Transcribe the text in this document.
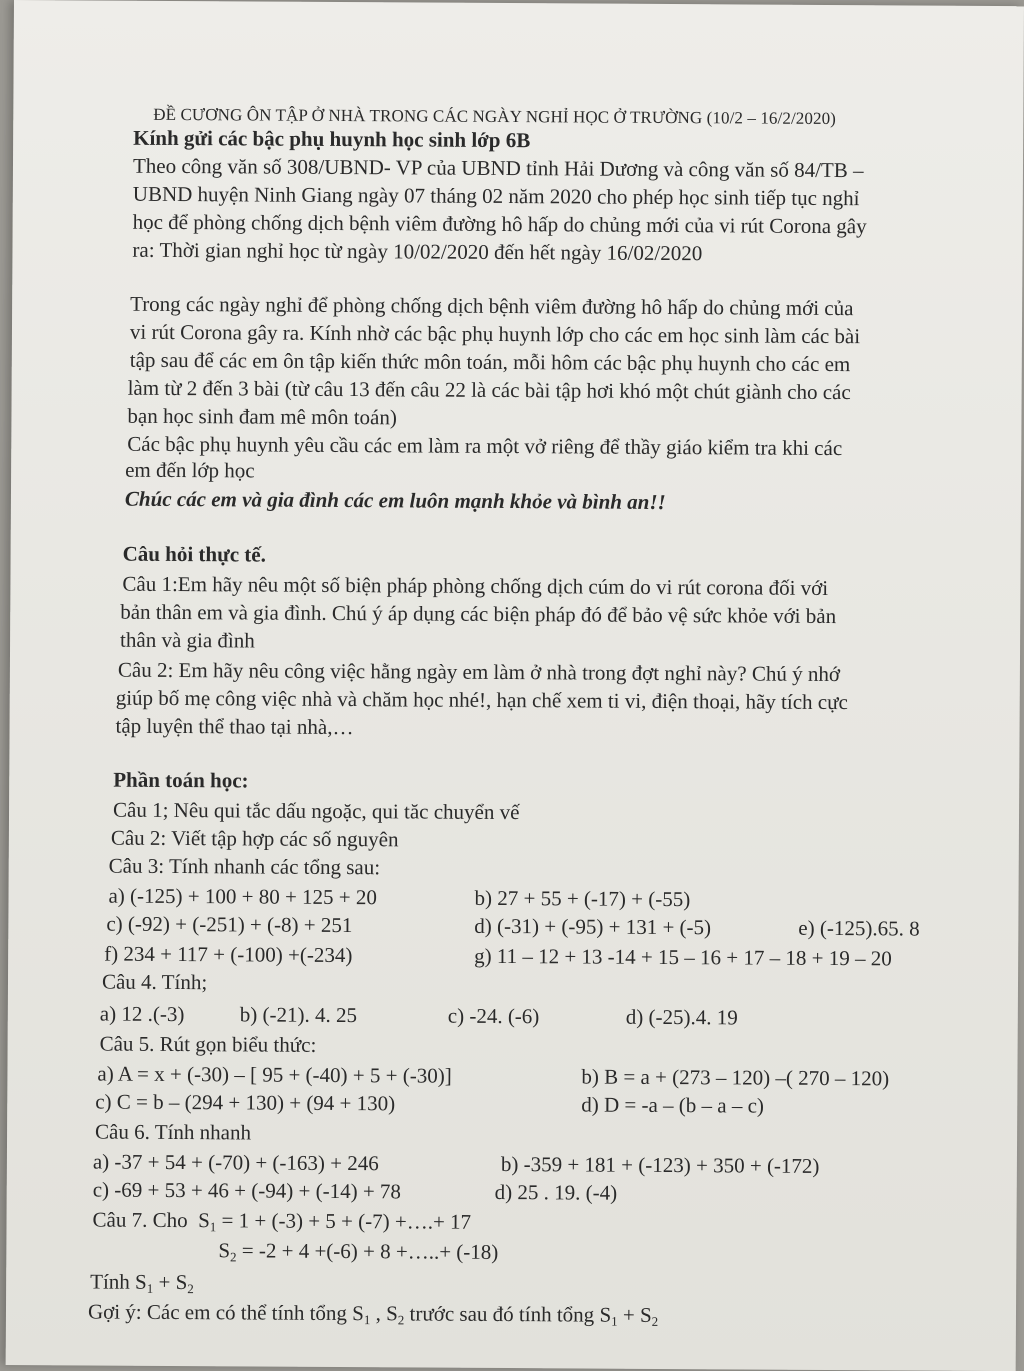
ĐỀ CƯƠNG ÔN TẬP Ở NHÀ TRONG CÁC NGÀY NGHỈ HỌC Ở TRƯỜNG (10/2 – 16/2/2020)
Kính gửi các bậc phụ huynh học sinh lớp 6B
Theo công văn số 308/UBND- VP của UBND tỉnh Hải Dương và công văn số 84/TB –
UBND huyện Ninh Giang ngày 07 tháng 02 năm 2020 cho phép học sinh tiếp tục nghỉ
học để phòng chống dịch bệnh viêm đường hô hấp do chủng mới của vi rút Corona gây
ra: Thời gian nghỉ học từ ngày 10/02/2020 đến hết ngày 16/02/2020
Trong các ngày nghỉ để phòng chống dịch bệnh viêm đường hô hấp do chủng mới của
vi rút Corona gây ra. Kính nhờ các bậc phụ huynh lớp cho các em học sinh làm các bài
tập sau để các em ôn tập kiến thức môn toán, mỗi hôm các bậc phụ huynh cho các em
làm từ 2 đến 3 bài (từ câu 13 đến câu 22 là các bài tập hơi khó một chút giành cho các
bạn học sinh đam mê môn toán)
Các bậc phụ huynh yêu cầu các em làm ra một vở riêng để thầy giáo kiểm tra khi các
em đến lớp học
Chúc các em và gia đình các em luôn mạnh khỏe và bình an!!
Câu hỏi thực tế.
Câu 1:Em hãy nêu một số biện pháp phòng chống dịch cúm do vi rút corona đối với
bản thân em và gia đình. Chú ý áp dụng các biện pháp đó để bảo vệ sức khỏe với bản
thân và gia đình
Câu 2: Em hãy nêu công việc hằng ngày em làm ở nhà trong đợt nghỉ này? Chú ý nhớ
giúp bố mẹ công việc nhà và chăm học nhé!, hạn chế xem ti vi, điện thoại, hãy tích cực
tập luyện thể thao tại nhà,…
Phần toán học:
Câu 1; Nêu qui tắc dấu ngoặc, qui tăc chuyển vế
Câu 2: Viết tập hợp các số nguyên
Câu 3: Tính nhanh các tổng sau:
a) (-125) + 100 + 80 + 125 + 20	b) 27 + 55 + (-17) + (-55)
c) (-92) + (-251) + (-8) + 251	d) (-31) + (-95) + 131 + (-5)	e) (-125).65. 8
f) 234 + 117 + (-100) +(-234)	g) 11 – 12 + 13 -14 + 15 – 16 + 17 – 18 + 19 – 20
Câu 4. Tính;
a) 12 .(-3)	b) (-21). 4. 25	c) -24. (-6)	d) (-25).4. 19
Câu 5. Rút gọn biểu thức:
a) A = x + (-30) – [ 95 + (-40) + 5 + (-30)]	b) B = a + (273 – 120) –( 270 – 120)
c) C = b – (294 + 130) + (94 + 130)	d) D = -a – (b – a – c)
Câu 6. Tính nhanh
a) -37 + 54 + (-70) + (-163) + 246	b) -359 + 181 + (-123) + 350 + (-172)
c) -69 + 53 + 46 + (-94) + (-14) + 78	d) 25 . 19. (-4)
Câu 7. Cho $S_1 = 1 + (-3) + 5 + (-7)$ +….+ 17
$S_2 = -2 + 4 +(-6) + 8$ +…..+ (-18)
Tính $S_1 + S_2$
Gợi ý: Các em có thể tính tổng $S_1$ , $S_2$ trước sau đó tính tổng $S_1 + S_2$
